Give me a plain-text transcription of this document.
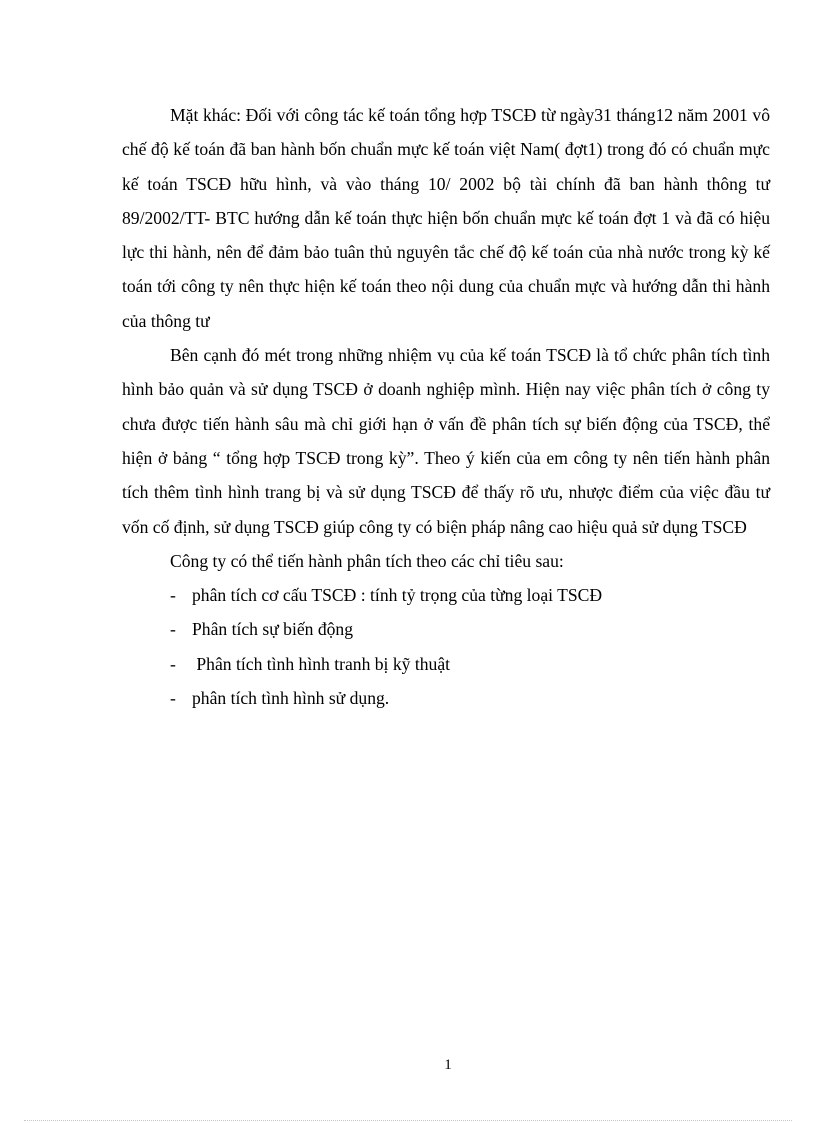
Mặt khác: Đối với công tác kế toán tổng hợp TSCĐ từ ngày31 tháng12 năm 2001 vô chế độ kế toán đã ban hành bốn chuẩn mực kế toán việt Nam( đợt1) trong đó có chuẩn mực kế toán TSCĐ hữu hình, và vào tháng 10/ 2002 bộ tài chính đã ban hành thông tư 89/2002/TT- BTC hướng dẫn kế toán thực hiện bốn chuẩn mực kế toán đợt 1 và đã có hiệu lực thi hành, nên để đảm bảo tuân thủ nguyên tắc chế độ kế toán của nhà nước trong kỳ kế toán tới công ty nên thực hiện kế toán theo nội dung của chuẩn mực và hướng dẫn thi hành của thông tư

Bên cạnh đó mét trong những nhiệm vụ của kế toán TSCĐ là tổ chức phân tích tình hình bảo quản và sử dụng TSCĐ ở doanh nghiệp mình. Hiện nay việc phân tích ở công ty chưa được tiến hành sâu mà chỉ giới hạn ở vấn đề phân tích sự biến động của TSCĐ, thể hiện ở bảng “ tổng hợp TSCĐ trong kỳ”. Theo ý kiến của em công ty nên tiến hành phân tích thêm tình hình trang bị và sử dụng TSCĐ để thấy rõ ưu, nhược điểm của việc đầu tư vốn cố định, sử dụng TSCĐ giúp công ty có biện pháp nâng cao hiệu quả sử dụng TSCĐ

Công ty có thể tiến hành phân tích theo các chỉ tiêu sau:

- phân tích cơ cấu TSCĐ : tính tỷ trọng của từng loại TSCĐ
- Phân tích sự biến động
- Phân tích tình hình tranh bị kỹ thuật
- phân tích tình hình sử dụng.
1
